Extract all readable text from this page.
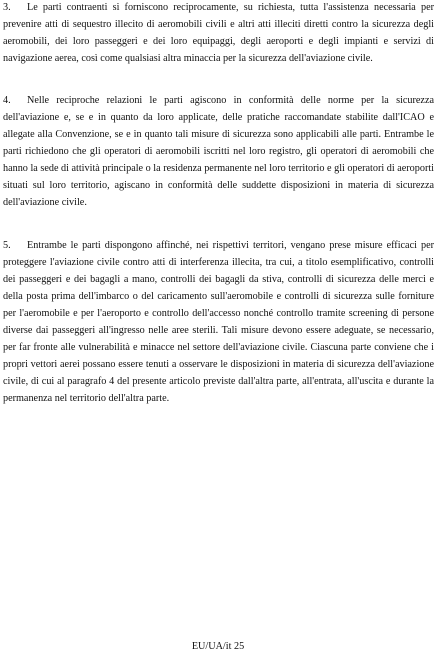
3. Le parti contraenti si forniscono reciprocamente, su richiesta, tutta l'assistenza necessaria per prevenire atti di sequestro illecito di aeromobili civili e altri atti illeciti diretti contro la sicurezza degli aeromobili, dei loro passeggeri e dei loro equipaggi, degli aeroporti e degli impianti e servizi di navigazione aerea, così come qualsiasi altra minaccia per la sicurezza dell'aviazione civile.

4. Nelle reciproche relazioni le parti agiscono in conformità delle norme per la sicurezza dell'aviazione e, se e in quanto da loro applicate, delle pratiche raccomandate stabilite dall'ICAO e allegate alla Convenzione, se e in quanto tali misure di sicurezza sono applicabili alle parti. Entrambe le parti richiedono che gli operatori di aeromobili iscritti nel loro registro, gli operatori di aeromobili che hanno la sede di attività principale o la residenza permanente nel loro territorio e gli operatori di aeroporti situati sul loro territorio, agiscano in conformità delle suddette disposizioni in materia di sicurezza dell'aviazione civile.

5. Entrambe le parti dispongono affinché, nei rispettivi territori, vengano prese misure efficaci per proteggere l'aviazione civile contro atti di interferenza illecita, tra cui, a titolo esemplificativo, controlli dei passeggeri e dei bagagli a mano, controlli dei bagagli da stiva, controlli di sicurezza delle merci e della posta prima dell'imbarco o del caricamento sull'aeromobile e controlli di sicurezza sulle forniture per l'aeromobile e per l'aeroporto e controllo dell'accesso nonché controllo tramite screening di persone diverse dai passeggeri all'ingresso nelle aree sterili. Tali misure devono essere adeguate, se necessario, per far fronte alle vulnerabilità e minacce nel settore dell'aviazione civile. Ciascuna parte conviene che i propri vettori aerei possano essere tenuti a osservare le disposizioni in materia di sicurezza dell'aviazione civile, di cui al paragrafo 4 del presente articolo previste dall'altra parte, all'entrata, all'uscita e durante la permanenza nel territorio dell'altra parte.

EU/UA/it 25
